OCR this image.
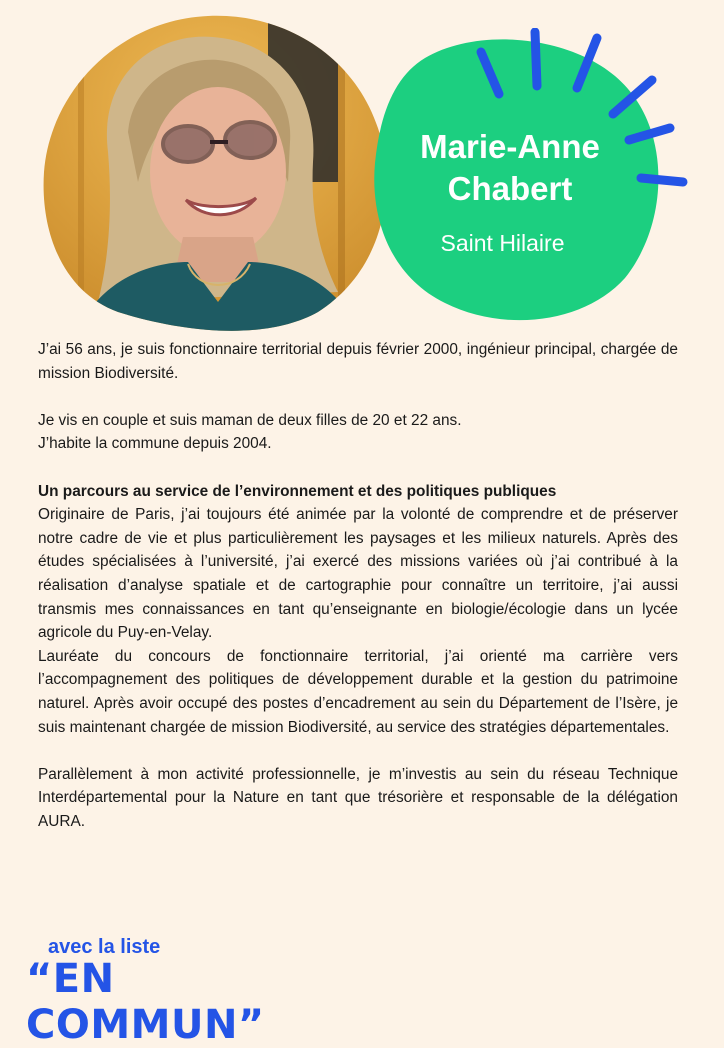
Marie-Anne
Chabert
Saint Hilaire

J’ai 56 ans, je suis fonctionnaire territorial depuis février 2000, ingénieur principal, chargée de mission Biodiversité.

Je vis en couple et suis maman de deux filles de 20 et 22 ans.

J’habite la commune depuis 2004.

Un parcours au service de l’environnement et des politiques publiques

Originaire de Paris, j’ai toujours été animée par la volonté de comprendre et de préserver notre cadre de vie et plus particulièrement les paysages et les milieux naturels. Après des études spécialisées à l’université, j’ai exercé des missions variées où j’ai contribué à la réalisation d’analyse spatiale et de cartographie pour connaître un territoire, j’ai aussi transmis mes connaissances en tant qu’enseignante en biologie/écologie dans un lycée agricole du Puy-en-Velay.

Lauréate du concours de fonctionnaire territorial, j’ai orienté ma carrière vers l’accompagnement des politiques de développement durable et la gestion du patrimoine naturel. Après avoir occupé des postes d’encadrement au sein du Département de l’Isère, je suis maintenant chargée de mission Biodiversité, au service des stratégies départementales.

Parallèlement à mon activité professionnelle, je m’investis au sein du réseau Technique Interdépartemental pour la Nature en tant que trésorière et responsable de la délégation AURA.

avec la liste
“EN COMMUN”
